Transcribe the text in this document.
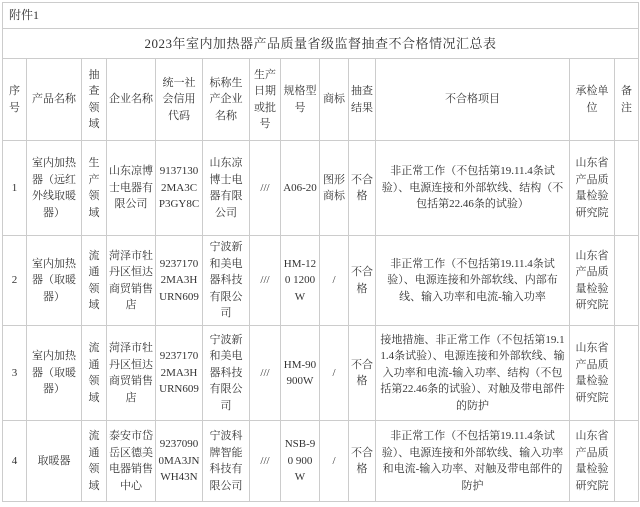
附件1												
2023年室内加热器产品质量省级监督抽查不合格情况汇总表												
序号	产品名称	抽查领域	企业名称	统一社会信用代码	标称生产企业名称	生产日期或批号	规格型号	商标	抽查结果	不合格项目	承检单位	备注
1	室内加热器（远红外线取暖器）	生产领域	山东凉博士电器有限公司	91371302MA3CP3GY8C	山东凉博士电器有限公司	///	A06-20	图形商标	不合格	非正常工作（不包括第19.11.4条试验）、电源连接和外部软线、结构（不包括第22.46条的试验）	山东省产品质量检验研究院	
2	室内加热器（取暖器）	流通领域	菏泽市牡丹区恒达商贸销售店	92371702MA3HURN609	宁波新和美电器科技有限公司	///	HM-120 1200W	/	不合格	非正常工作（不包括第19.11.4条试验）、电源连接和外部软线、内部布线、输入功率和电流-输入功率	山东省产品质量检验研究院	
3	室内加热器（取暖器）	流通领域	菏泽市牡丹区恒达商贸销售店	92371702MA3HURN609	宁波新和美电器科技有限公司	///	HM-90 900W	/	不合格	接地措施、非正常工作（不包括第19.11.4条试验）、电源连接和外部软线、输入功率和电流-输入功率、结构（不包括第22.46条的试验）、对触及带电部件的防护	山东省产品质量检验研究院	
4	取暖器	流通领域	泰安市岱岳区德美电器销售中心	92370900MA3JNWH43N	宁波科牌智能科技有限公司	///	NSB-90 900W	/	不合格	非正常工作（不包括第19.11.4条试验）、电源连接和外部软线、输入功率和电流-输入功率、对触及带电部件的防护	山东省产品质量检验研究院	
